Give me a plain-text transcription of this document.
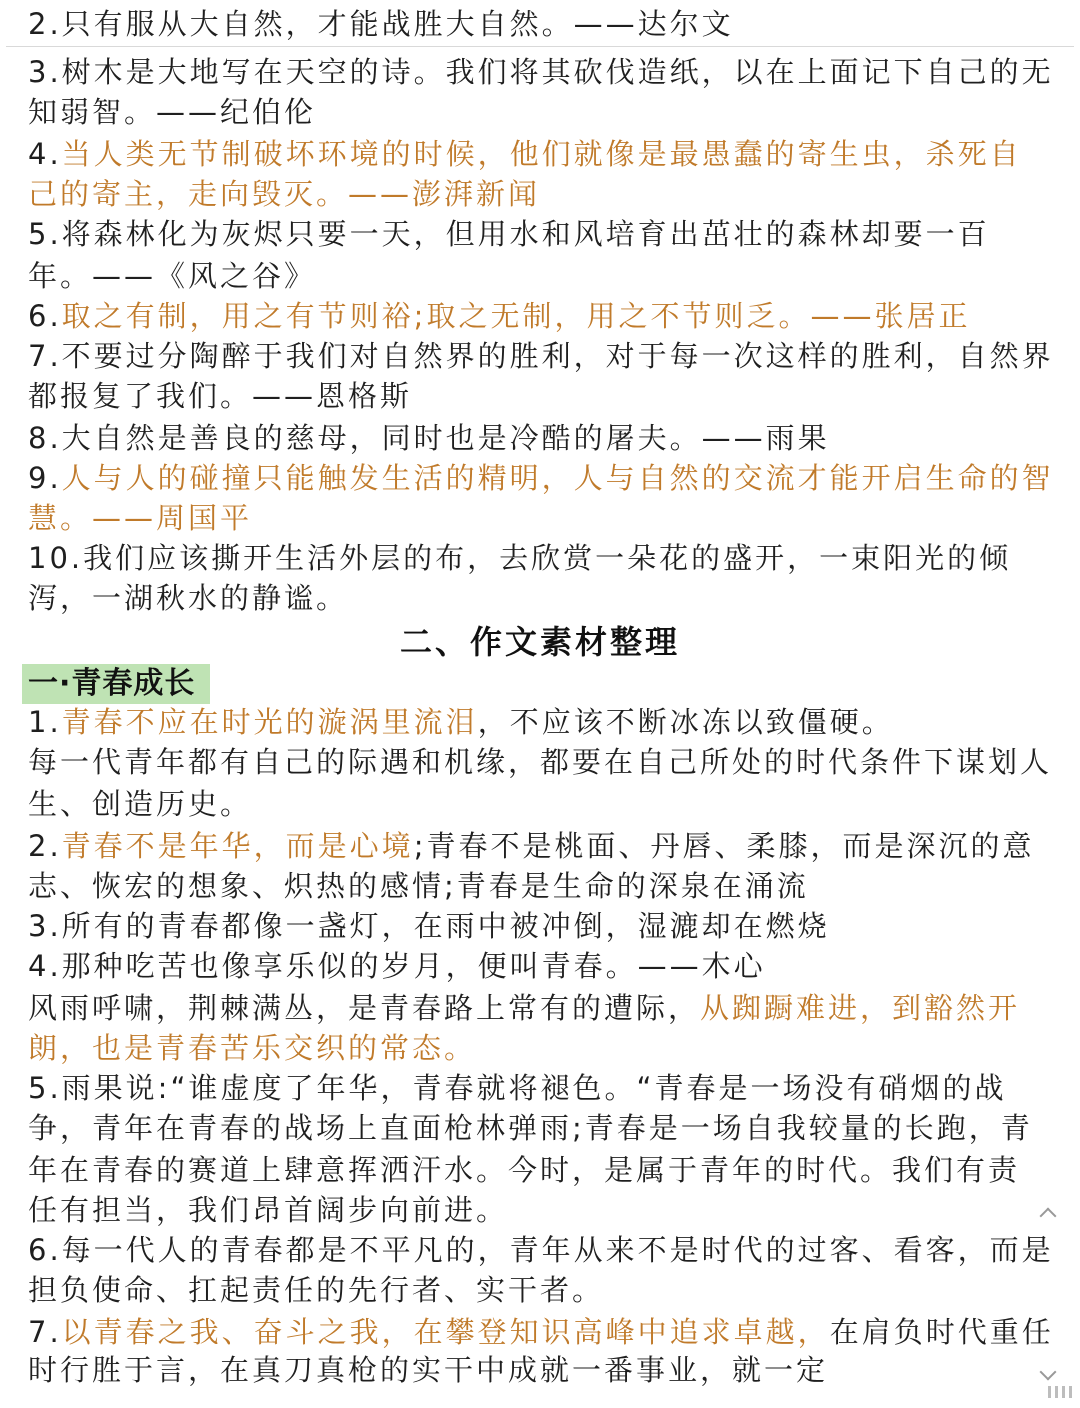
2.只有服从大自然，才能战胜大自然。——达尔文
3.树木是大地写在天空的诗。我们将其砍伐造纸，以在上面记下自己的无
知弱智。——纪伯伦
4.当人类无节制破坏环境的时候，他们就像是最愚蠢的寄生虫，杀死自
己的寄主，走向毁灭。——澎湃新闻
5.将森林化为灰烬只要一天，但用水和风培育出茁壮的森林却要一百
年。——《风之谷》
6.取之有制，用之有节则裕;取之无制，用之不节则乏。——张居正
7.不要过分陶醉于我们对自然界的胜利，对于每一次这样的胜利，自然界
都报复了我们。——恩格斯
8.大自然是善良的慈母，同时也是冷酷的屠夫。——雨果
9.人与人的碰撞只能触发生活的精明，人与自然的交流才能开启生命的智
慧。——周国平
10.我们应该撕开生活外层的布，去欣赏一朵花的盛开，一束阳光的倾
泻，一湖秋水的静谧。
1.青春不应在时光的漩涡里流泪，不应该不断冰冻以致僵硬。
每一代青年都有自己的际遇和机缘，都要在自己所处的时代条件下谋划人
生、创造历史。
2.青春不是年华，而是心境;青春不是桃面、丹唇、柔膝，而是深沉的意
志、恢宏的想象、炽热的感情;青春是生命的深泉在涌流
3.所有的青春都像一盏灯，在雨中被冲倒，湿漉却在燃烧
4.那种吃苦也像享乐似的岁月，便叫青春。——木心
风雨呼啸，荆棘满丛，是青春路上常有的遭际，从踟蹰难进，到豁然开
朗，也是青春苦乐交织的常态。
5.雨果说:“谁虚度了年华，青春就将褪色。“青春是一场没有硝烟的战
争，青年在青春的战场上直面枪林弹雨;青春是一场自我较量的长跑，青
年在青春的赛道上肆意挥洒汗水。今时，是属于青年的时代。我们有责
任有担当，我们昂首阔步向前进。
6.每一代人的青春都是不平凡的，青年从来不是时代的过客、看客，而是
担负使命、扛起责任的先行者、实干者。
7.以青春之我、奋斗之我，在攀登知识高峰中追求卓越，在肩负时代重任
时行胜于言，在真刀真枪的实干中成就一番事业，就一定
二、作文素材整理
一·青春成长
